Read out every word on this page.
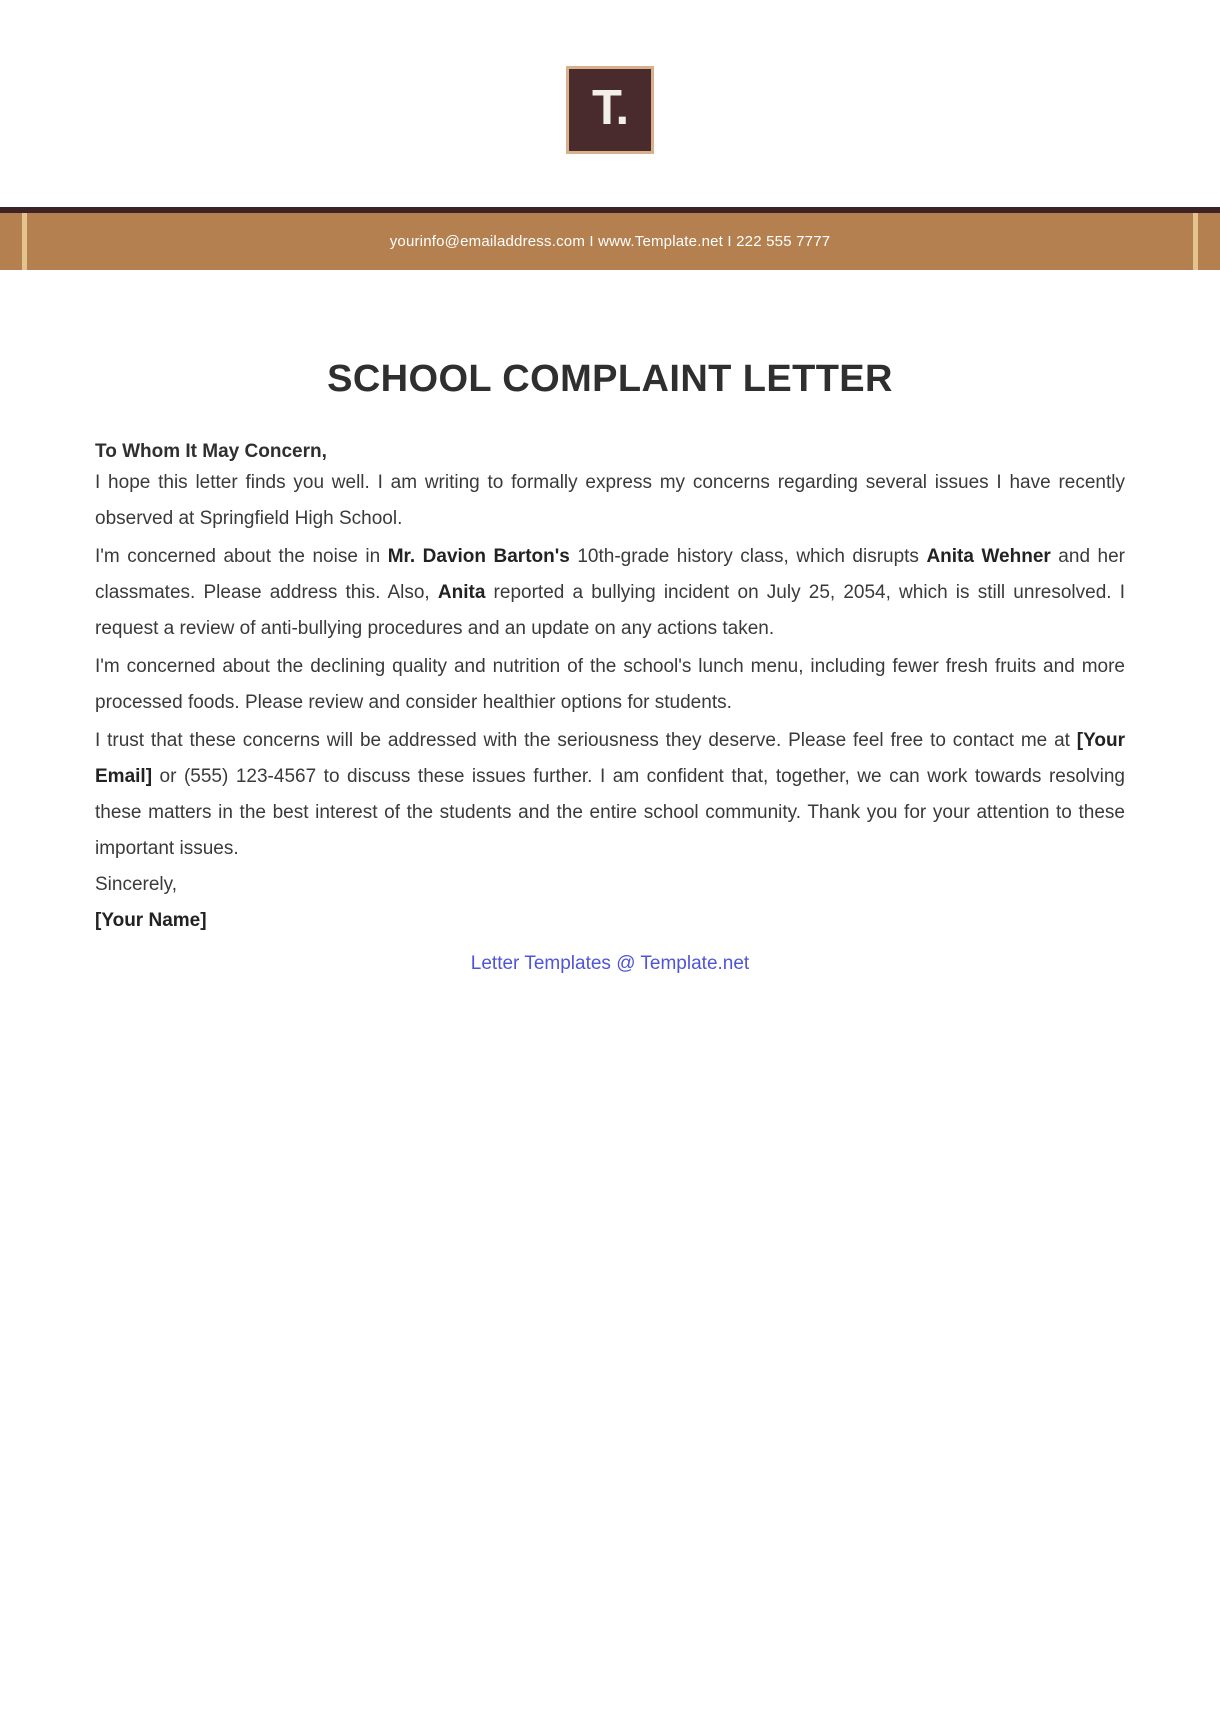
T.
yourinfo@emailaddress.com I www.Template.net I 222 555 7777
SCHOOL COMPLAINT LETTER

To Whom It May Concern,

I hope this letter finds you well. I am writing to formally express my concerns regarding several issues I have recently observed at Springfield High School.

I'm concerned about the noise in Mr. Davion Barton's 10th-grade history class, which disrupts Anita Wehner and her classmates. Please address this. Also, Anita reported a bullying incident on July 25, 2054, which is still unresolved. I request a review of anti-bullying procedures and an update on any actions taken.

I'm concerned about the declining quality and nutrition of the school's lunch menu, including fewer fresh fruits and more processed foods. Please review and consider healthier options for students.

I trust that these concerns will be addressed with the seriousness they deserve. Please feel free to contact me at [Your Email] or (555) 123-4567 to discuss these issues further. I am confident that, together, we can work towards resolving these matters in the best interest of the students and the entire school community. Thank you for your attention to these important issues.

Sincerely,

[Your Name]

Letter Templates @ Template.net
